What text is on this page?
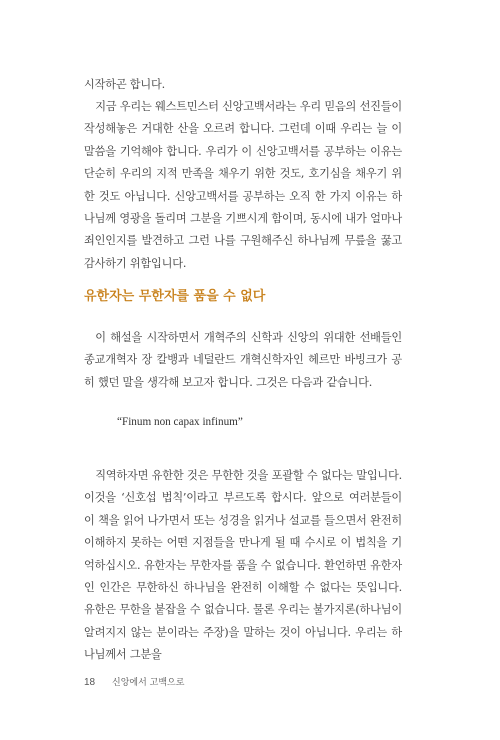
시작하곤 합니다.

지금 우리는 웨스트민스터 신앙고백서라는 우리 믿음의 선진들이 작성해놓은 거대한 산을 오르려 합니다. 그런데 이때 우리는 늘 이 말씀을 기억해야 합니다. 우리가 이 신앙고백서를 공부하는 이유는 단순히 우리의 지적 만족을 채우기 위한 것도, 호기심을 채우기 위한 것도 아닙니다. 신앙고백서를 공부하는 오직 한 가지 이유는 하나님께 영광을 돌리며 그분을 기쁘시게 함이며, 동시에 내가 얼마나 죄인인지를 발견하고 그런 나를 구원해주신 하나님께 무릎을 꿇고 감사하기 위함입니다.

유한자는 무한자를 품을 수 없다

이 해설을 시작하면서 개혁주의 신학과 신앙의 위대한 선배들인 종교개혁자 장 칼뱅과 네덜란드 개혁신학자인 헤르만 바빙크가 공히 했던 말을 생각해 보고자 합니다. 그것은 다음과 같습니다.

“Finum non capax infinum”

직역하자면 유한한 것은 무한한 것을 포괄할 수 없다는 말입니다. 이것을 ‘신호섭 법칙’이라고 부르도록 합시다. 앞으로 여러분들이 이 책을 읽어 나가면서 또는 성경을 읽거나 설교를 들으면서 완전히 이해하지 못하는 어떤 지점들을 만나게 될 때 수시로 이 법칙을 기억하십시오. 유한자는 무한자를 품을 수 없습니다. 환언하면 유한자인 인간은 무한하신 하나님을 완전히 이해할 수 없다는 뜻입니다. 유한은 무한을 붙잡을 수 없습니다. 물론 우리는 불가지론(하나님이 알려지지 않는 분이라는 주장)을 말하는 것이 아닙니다. 우리는 하나님께서 그분을

18 신앙에서 고백으로
